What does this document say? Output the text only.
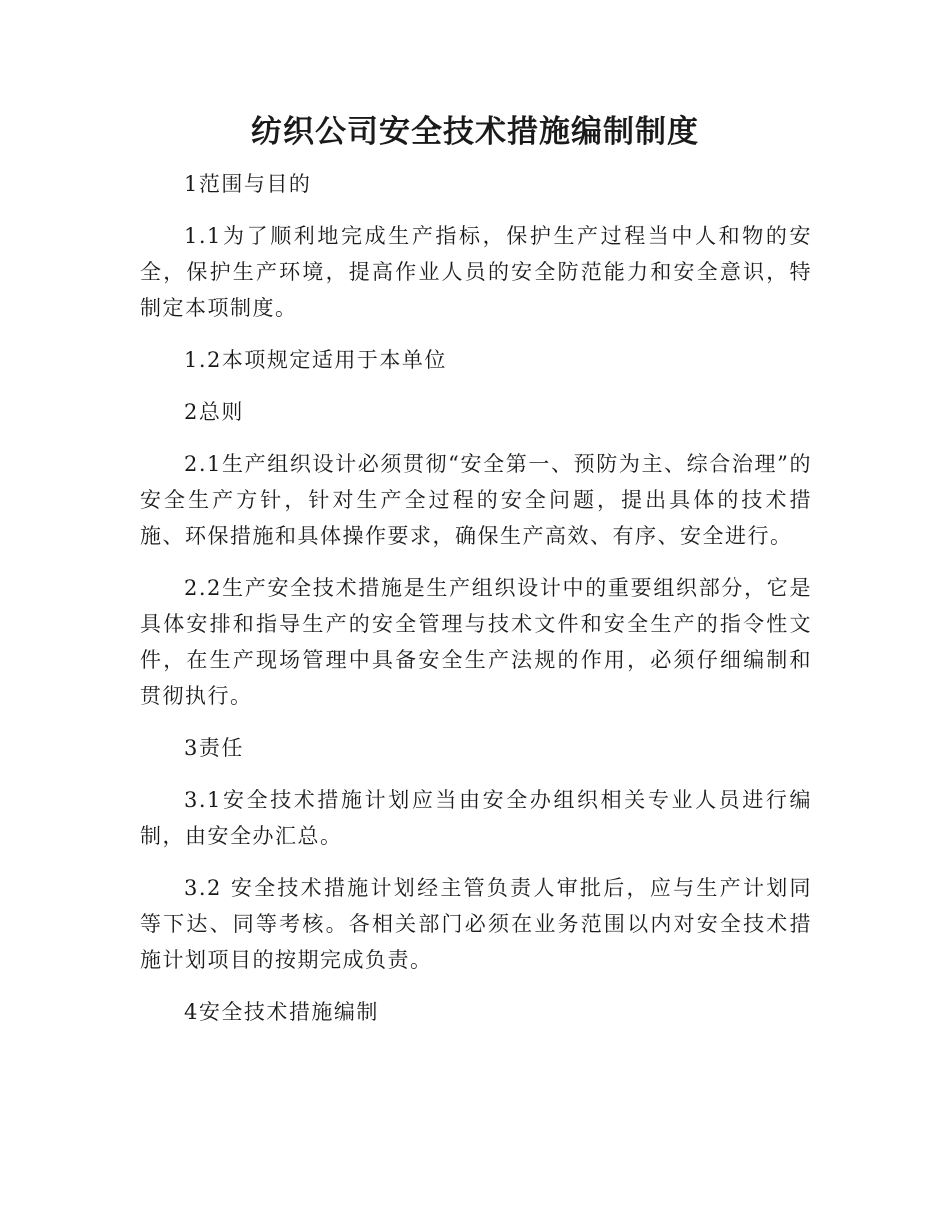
纺织公司安全技术措施编制制度

1范围与目的

1.1为了顺利地完成生产指标，保护生产过程当中人和物的安全，保护生产环境，提高作业人员的安全防范能力和安全意识，特制定本项制度。

1.2本项规定适用于本单位

2总则

2.1生产组织设计必须贯彻“安全第一、预防为主、综合治理”的安全生产方针，针对生产全过程的安全问题，提出具体的技术措施、环保措施和具体操作要求，确保生产高效、有序、安全进行。

2.2生产安全技术措施是生产组织设计中的重要组织部分，它是具体安排和指导生产的安全管理与技术文件和安全生产的指令性文件，在生产现场管理中具备安全生产法规的作用，必须仔细编制和贯彻执行。

3责任

3.1安全技术措施计划应当由安全办组织相关专业人员进行编制，由安全办汇总。

3.2 安全技术措施计划经主管负责人审批后，应与生产计划同等下达、同等考核。各相关部门必须在业务范围以内对安全技术措施计划项目的按期完成负责。

4安全技术措施编制
